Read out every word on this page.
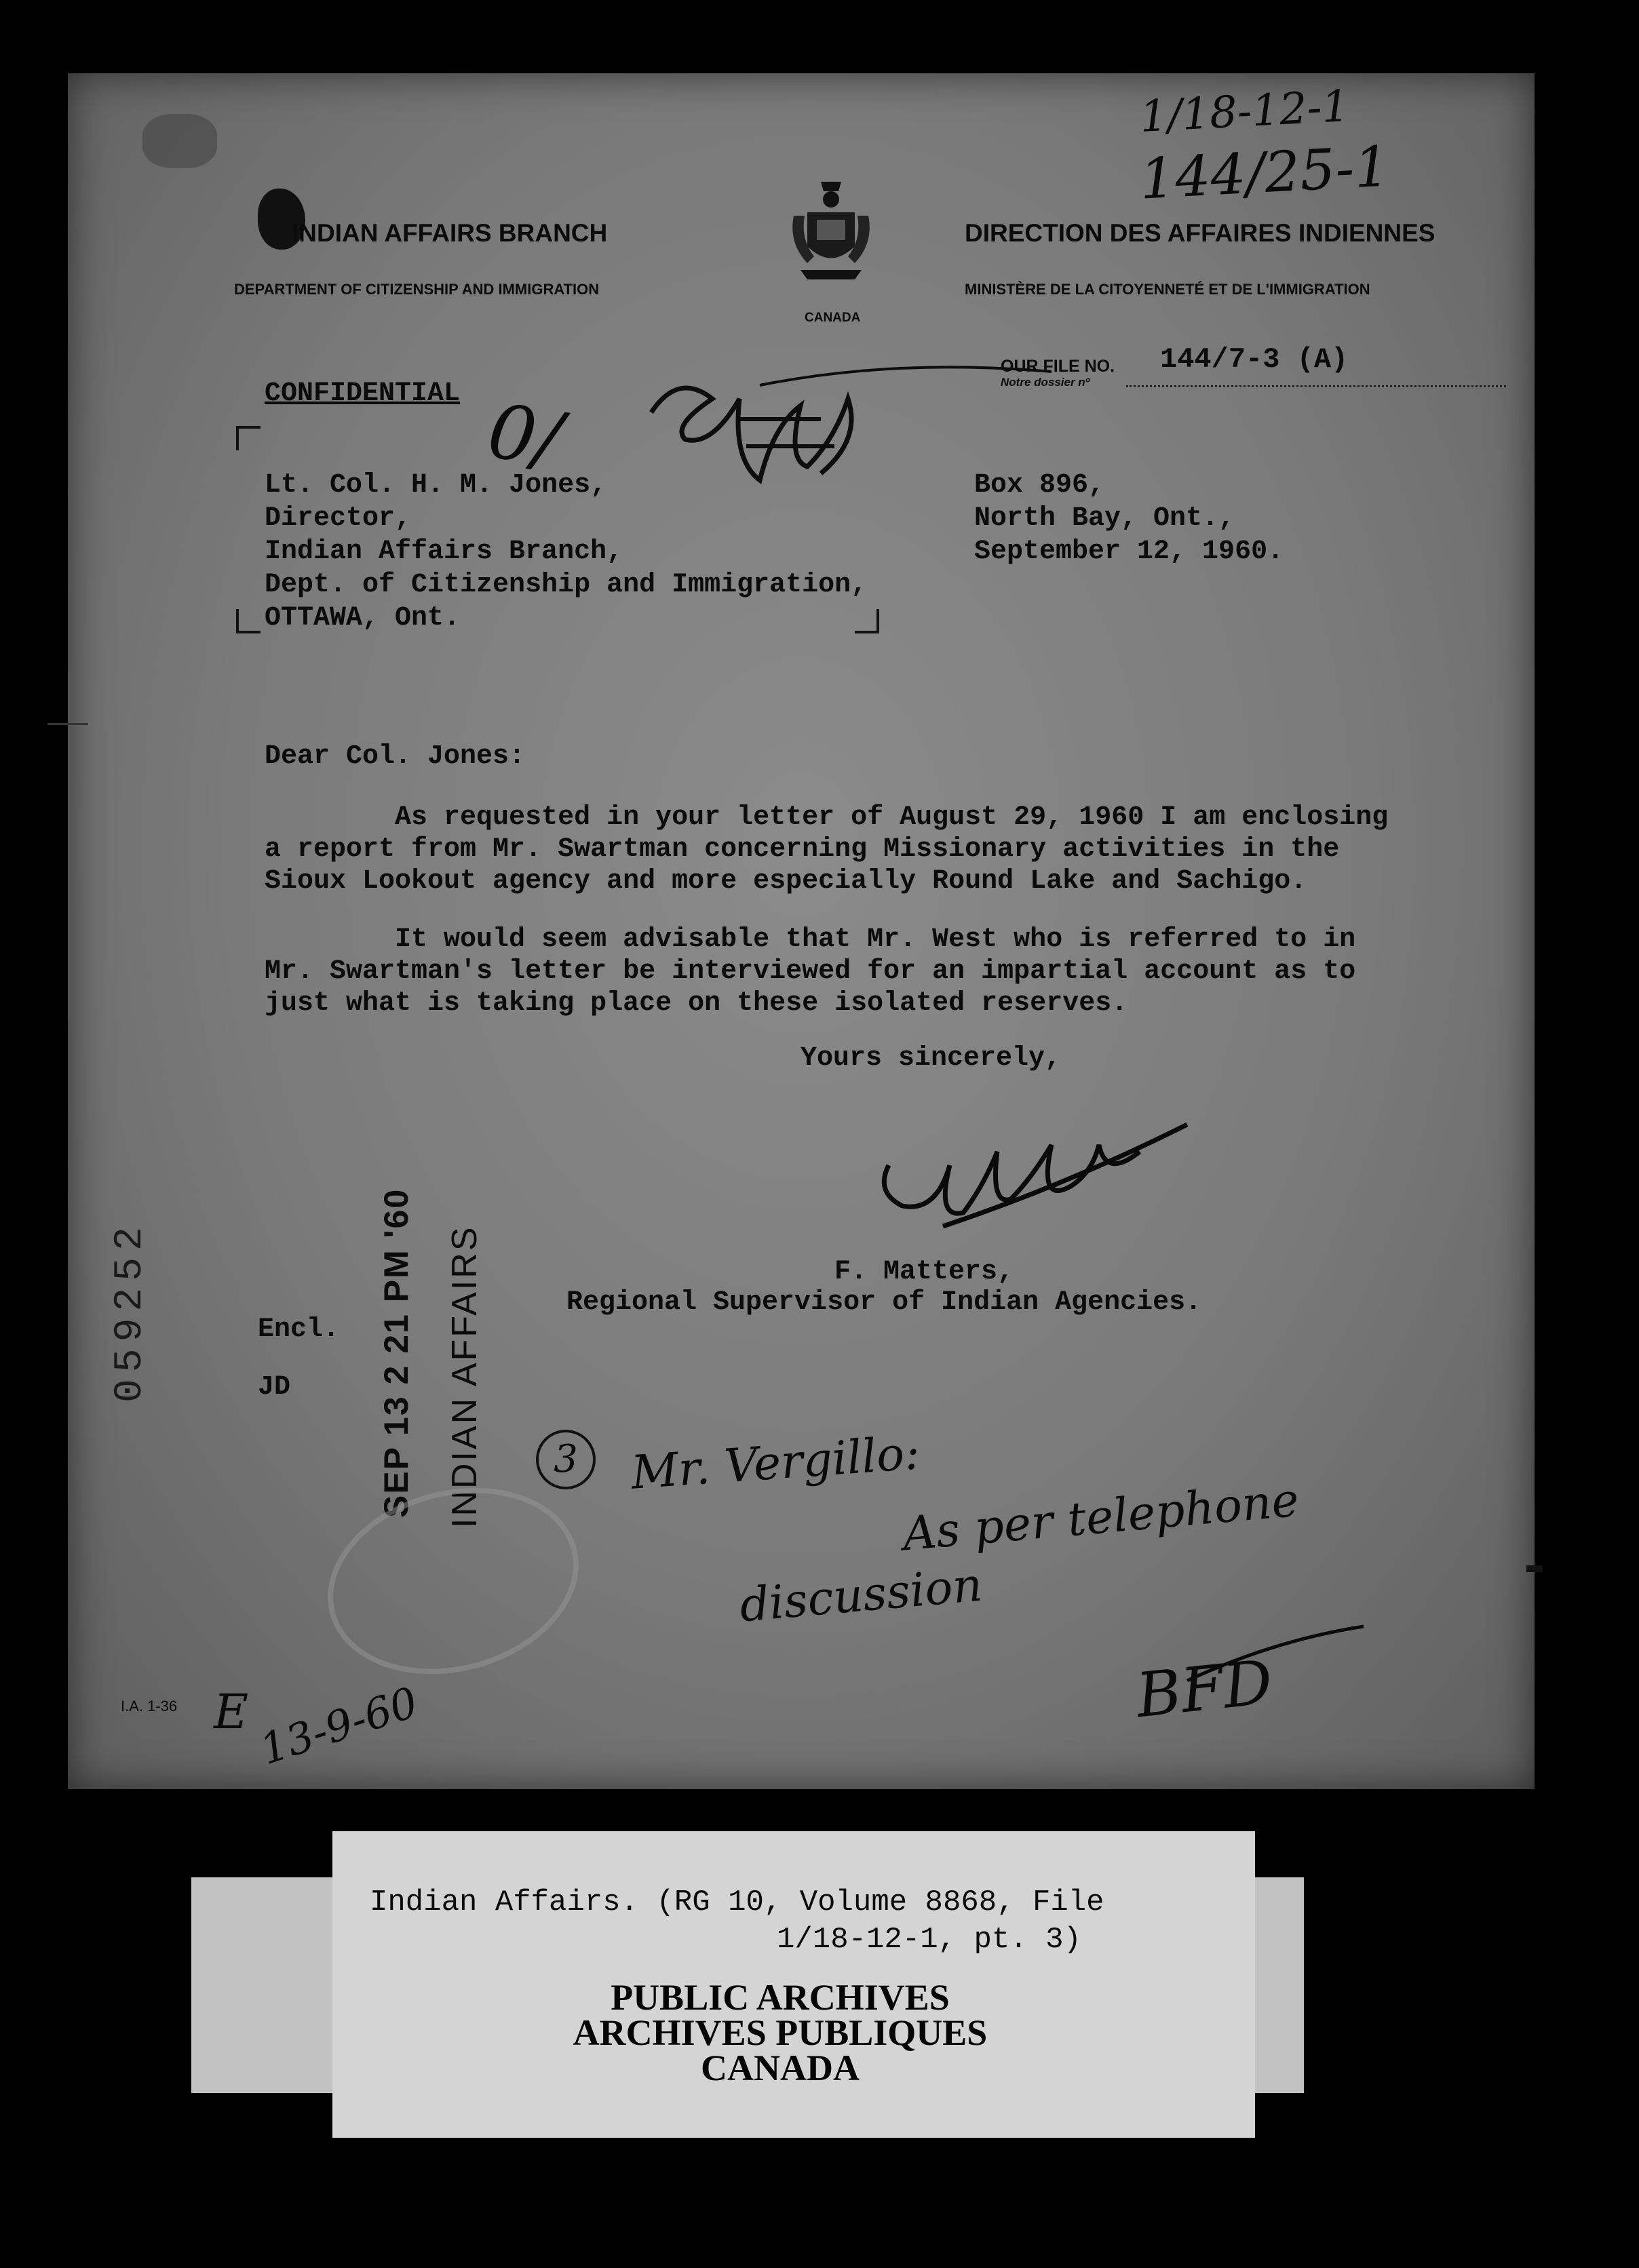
1/18-12-1
144/25-1
INDIAN AFFAIRS BRANCH
DEPARTMENT OF CITIZENSHIP AND IMMIGRATION
CANADA
DIRECTION DES AFFAIRES INDIENNES
MINISTÈRE DE LA CITOYENNETÉ ET DE L'IMMIGRATION
OUR FILE NO.
Notre dossier nº
144/7-3 (A)
CONFIDENTIAL 0/
Lt. Col. H. M. Jones,
Director,
Indian Affairs Branch,
Dept. of Citizenship and Immigration,
OTTAWA, Ont.
Box 896,
North Bay, Ont.,
September 12, 1960.
Dear Col. Jones:
As requested in your letter of August 29, 1960 I am enclosing
a report from Mr. Swartman concerning Missionary activities in the
Sioux Lookout agency and more especially Round Lake and Sachigo.
It would seem advisable that Mr. West who is referred to in
Mr. Swartman's letter be interviewed for an impartial account as to
just what is taking place on these isolated reserves.
Yours sincerely,
F. Matters,
Regional Supervisor of Indian Agencies.
Encl.
JD
059252	SEP 13 2 21 PM '60 INDIAN AFFAIRS	3	Mr. Vergillo:
As per telephone
discussion
BFD
I.A. 1-36 E 13-9-60
Indian Affairs. (RG 10, Volume 8868, File
1/18-12-1, pt. 3)
PUBLIC ARCHIVES
ARCHIVES PUBLIQUES
CANADA
